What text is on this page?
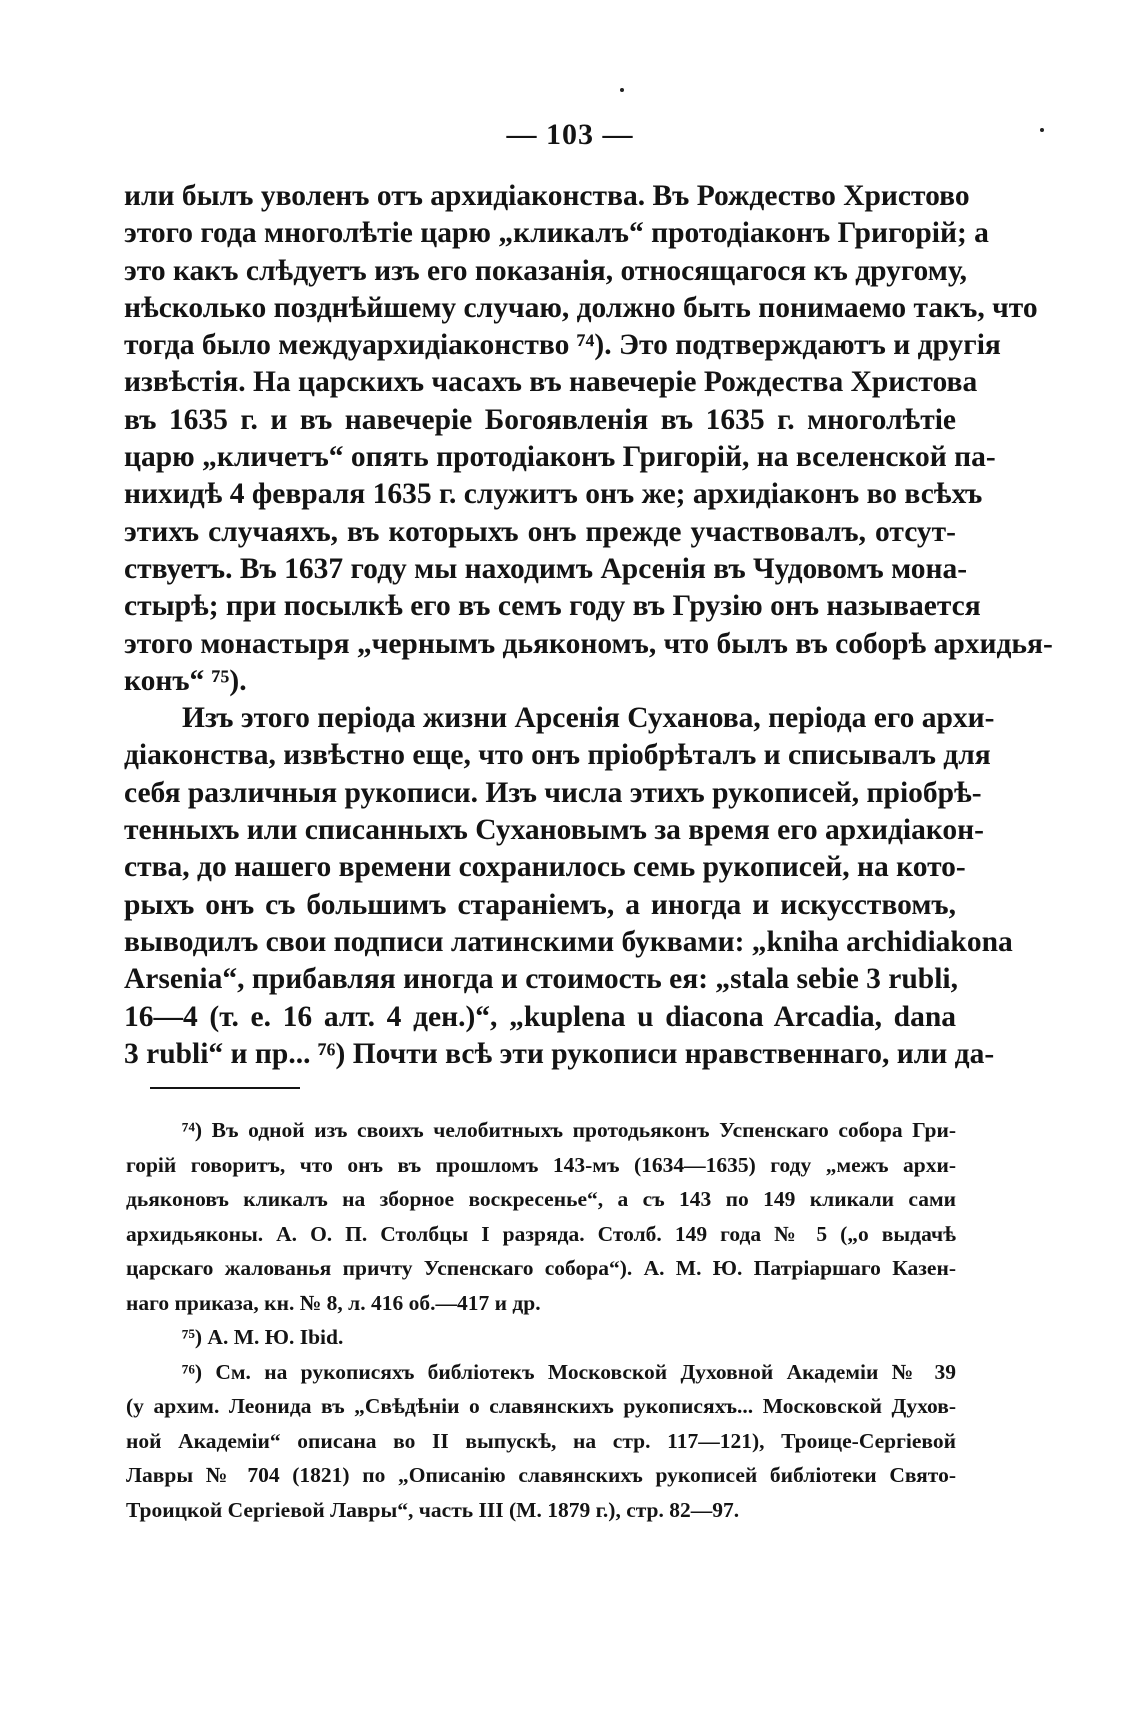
— 103 —
или былъ уволенъ отъ архидіаконства. Въ Рождество Христово
этого года многолѣтіе царю „кликалъ“ протодіаконъ Григорій; а
это какъ слѣдуетъ изъ его показанія, относящагося къ другому,
нѣсколько позднѣйшему случаю, должно быть понимаемо такъ, что
тогда было междуархидіаконство ⁷⁴). Это подтверждаютъ и другія
извѣстія. На царскихъ часахъ въ навечеріе Рождества Христова
въ 1635 г. и въ навечеріе Богоявленія въ 1635 г. многолѣтіе
царю „кличетъ“ опять протодіаконъ Григорій, на вселенской па-
нихидѣ 4 февраля 1635 г. служитъ онъ же; архидіаконъ во всѣхъ
этихъ случаяхъ, въ которыхъ онъ прежде участвовалъ, отсут-
ствуетъ. Въ 1637 году мы находимъ Арсенія въ Чудовомъ мона-
стырѣ; при посылкѣ его въ семъ году въ Грузію онъ называется
этого монастыря „чернымъ дьякономъ, что былъ въ соборѣ архидья-
конъ“ ⁷⁵).
Изъ этого періода жизни Арсенія Суханова, періода его архи-
діаконства, извѣстно еще, что онъ пріобрѣталъ и списывалъ для
себя различныя рукописи. Изъ числа этихъ рукописей, пріобрѣ-
тенныхъ или списанныхъ Сухановымъ за время его архидіакон-
ства, до нашего времени сохранилось семь рукописей, на кото-
рыхъ онъ съ большимъ стараніемъ, а иногда и искусствомъ,
выводилъ свои подписи латинскими буквами: „kniha archidiakona
Arsenia“, прибавляя иногда и стоимость ея: „stala sebie 3 rubli,
16—4 (т. е. 16 алт. 4 ден.)“, „kuplena u diacona Arcadia, dana
3 rubli“ и пр... ⁷⁶) Почти всѣ эти рукописи нравственнаго, или да-
⁷⁴) Въ одной изъ своихъ челобитныхъ протодьяконъ Успенскаго собора Гри-
горій говоритъ, что онъ въ прошломъ 143-мъ (1634—1635) году „межъ архи-
дьяконовъ кликалъ на зборное воскресенье“, а съ 143 по 149 кликали сами
архидьяконы. А. О. П. Столбцы I разряда. Столб. 149 года № 5 („о выдачѣ
царскаго жалованья причту Успенскаго собора“). А. М. Ю. Патріаршаго Казен-
наго приказа, кн. № 8, л. 416 об.—417 и др.
⁷⁵) А. М. Ю. Ibid.
⁷⁶) См. на рукописяхъ библіотекъ Московской Духовной Академіи № 39
(у архим. Леонида въ „Свѣдѣніи о славянскихъ рукописяхъ... Московской Духов-
ной Академіи“ описана во II выпускѣ, на стр. 117—121), Троице-Сергіевой
Лавры № 704 (1821) по „Описанію славянскихъ рукописей библіотеки Свято-
Троицкой Сергіевой Лавры“, часть III (М. 1879 г.), стр. 82—97.
